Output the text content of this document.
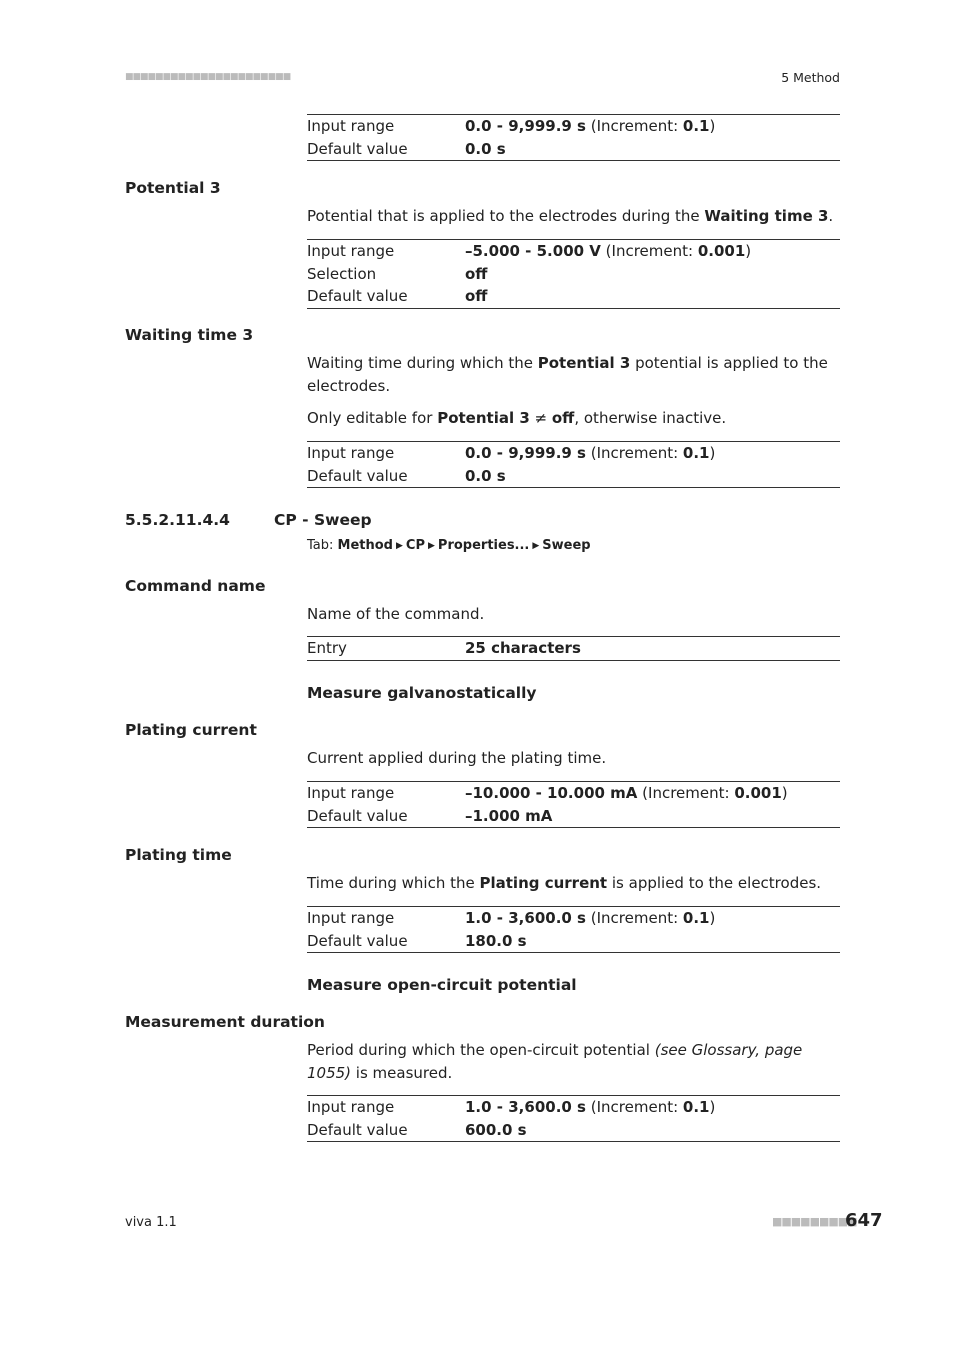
■■■■■■■■■■■■■■■■■■■■■■	5 Method
Input range	0.0 - 9,999.9 s (Increment: 0.1)
Default value	0.0 s
Potential 3
Potential that is applied to the electrodes during the Waiting time 3.
Input range	–5.000 - 5.000 V (Increment: 0.001)
Selection	off
Default value	off
Waiting time 3
Waiting time during which the Potential 3 potential is applied to the electrodes.
Only editable for Potential 3 ≠ off, otherwise inactive.
Input range	0.0 - 9,999.9 s (Increment: 0.1)
Default value	0.0 s
5.5.2.11.4.4	CP - Sweep
Tab: Method ▶ CP ▶ Properties... ▶ Sweep
Command name
Name of the command.
Entry	25 characters
Measure galvanostatically
Plating current
Current applied during the plating time.
Input range	–10.000 - 10.000 mA (Increment: 0.001)
Default value	–1.000 mA
Plating time
Time during which the Plating current is applied to the electrodes.
Input range	1.0 - 3,600.0 s (Increment: 0.1)
Default value	180.0 s
Measure open-circuit potential
Measurement duration
Period during which the open-circuit potential (see Glossary, page 1055) is measured.
Input range	1.0 - 3,600.0 s (Increment: 0.1)
Default value	600.0 s
viva 1.1	■■■■■■■■■
647
